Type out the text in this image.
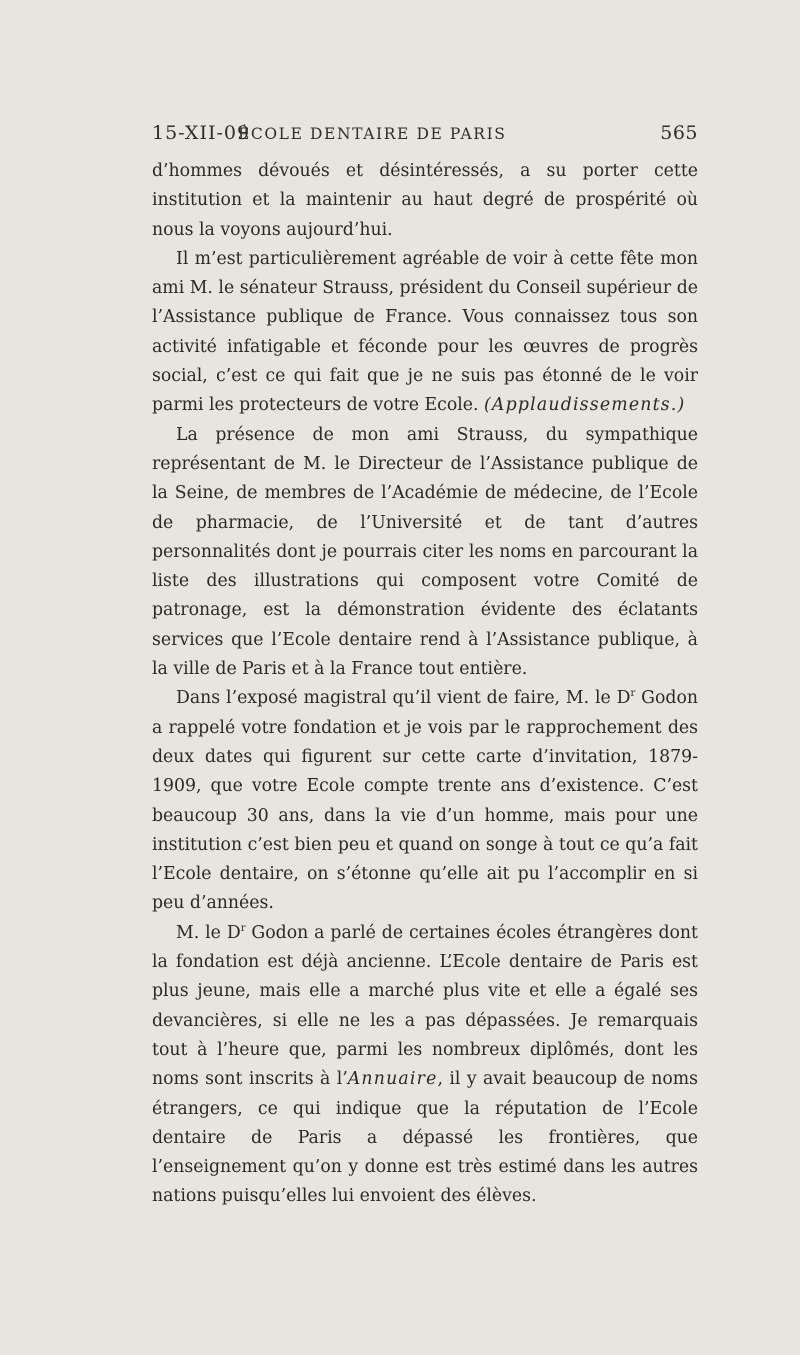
15-XII-09
ÉCOLE DENTAIRE DE PARIS	565

d’hommes dévoués et désintéressés, a su porter cette institution et la maintenir au haut degré de prospérité où nous la voyons aujourd’hui.

Il m’est particulièrement agréable de voir à cette fête mon ami M. le sénateur Strauss, président du Conseil supérieur de l’Assistance publique de France. Vous connaissez tous son activité infatigable et féconde pour les œuvres de progrès social, c’est ce qui fait que je ne suis pas étonné de le voir parmi les protecteurs de votre Ecole. (Applaudissements.)

La présence de mon ami Strauss, du sympathique représentant de M. le Directeur de l’Assistance publique de la Seine, de membres de l’Académie de médecine, de l’Ecole de pharmacie, de l’Université et de tant d’autres personnalités dont je pourrais citer les noms en parcourant la liste des illustrations qui composent votre Comité de patronage, est la démonstration évidente des éclatants services que l’Ecole dentaire rend à l’Assistance publique, à la ville de Paris et à la France tout entière.

Dans l’exposé magistral qu’il vient de faire, M. le $D^r$ Godon a rappelé votre fondation et je vois par le rapprochement des deux dates qui figurent sur cette carte d’invitation, 1879-1909, que votre Ecole compte trente ans d’existence. C’est beaucoup 30 ans, dans la vie d’un homme, mais pour une institution c’est bien peu et quand on songe à tout ce qu’a fait l’Ecole dentaire, on s’étonne qu’elle ait pu l’accomplir en si peu d’années.

M. le $D^r$ Godon a parlé de certaines écoles étrangères dont la fondation est déjà ancienne. L’Ecole dentaire de Paris est plus jeune, mais elle a marché plus vite et elle a égalé ses devancières, si elle ne les a pas dépassées. Je remarquais tout à l’heure que, parmi les nombreux diplômés, dont les noms sont inscrits à l’Annuaire, il y avait beaucoup de noms étrangers, ce qui indique que la réputation de l’Ecole dentaire de Paris a dépassé les frontières, que l’enseignement qu’on y donne est très estimé dans les autres nations puisqu’elles lui envoient des élèves.
